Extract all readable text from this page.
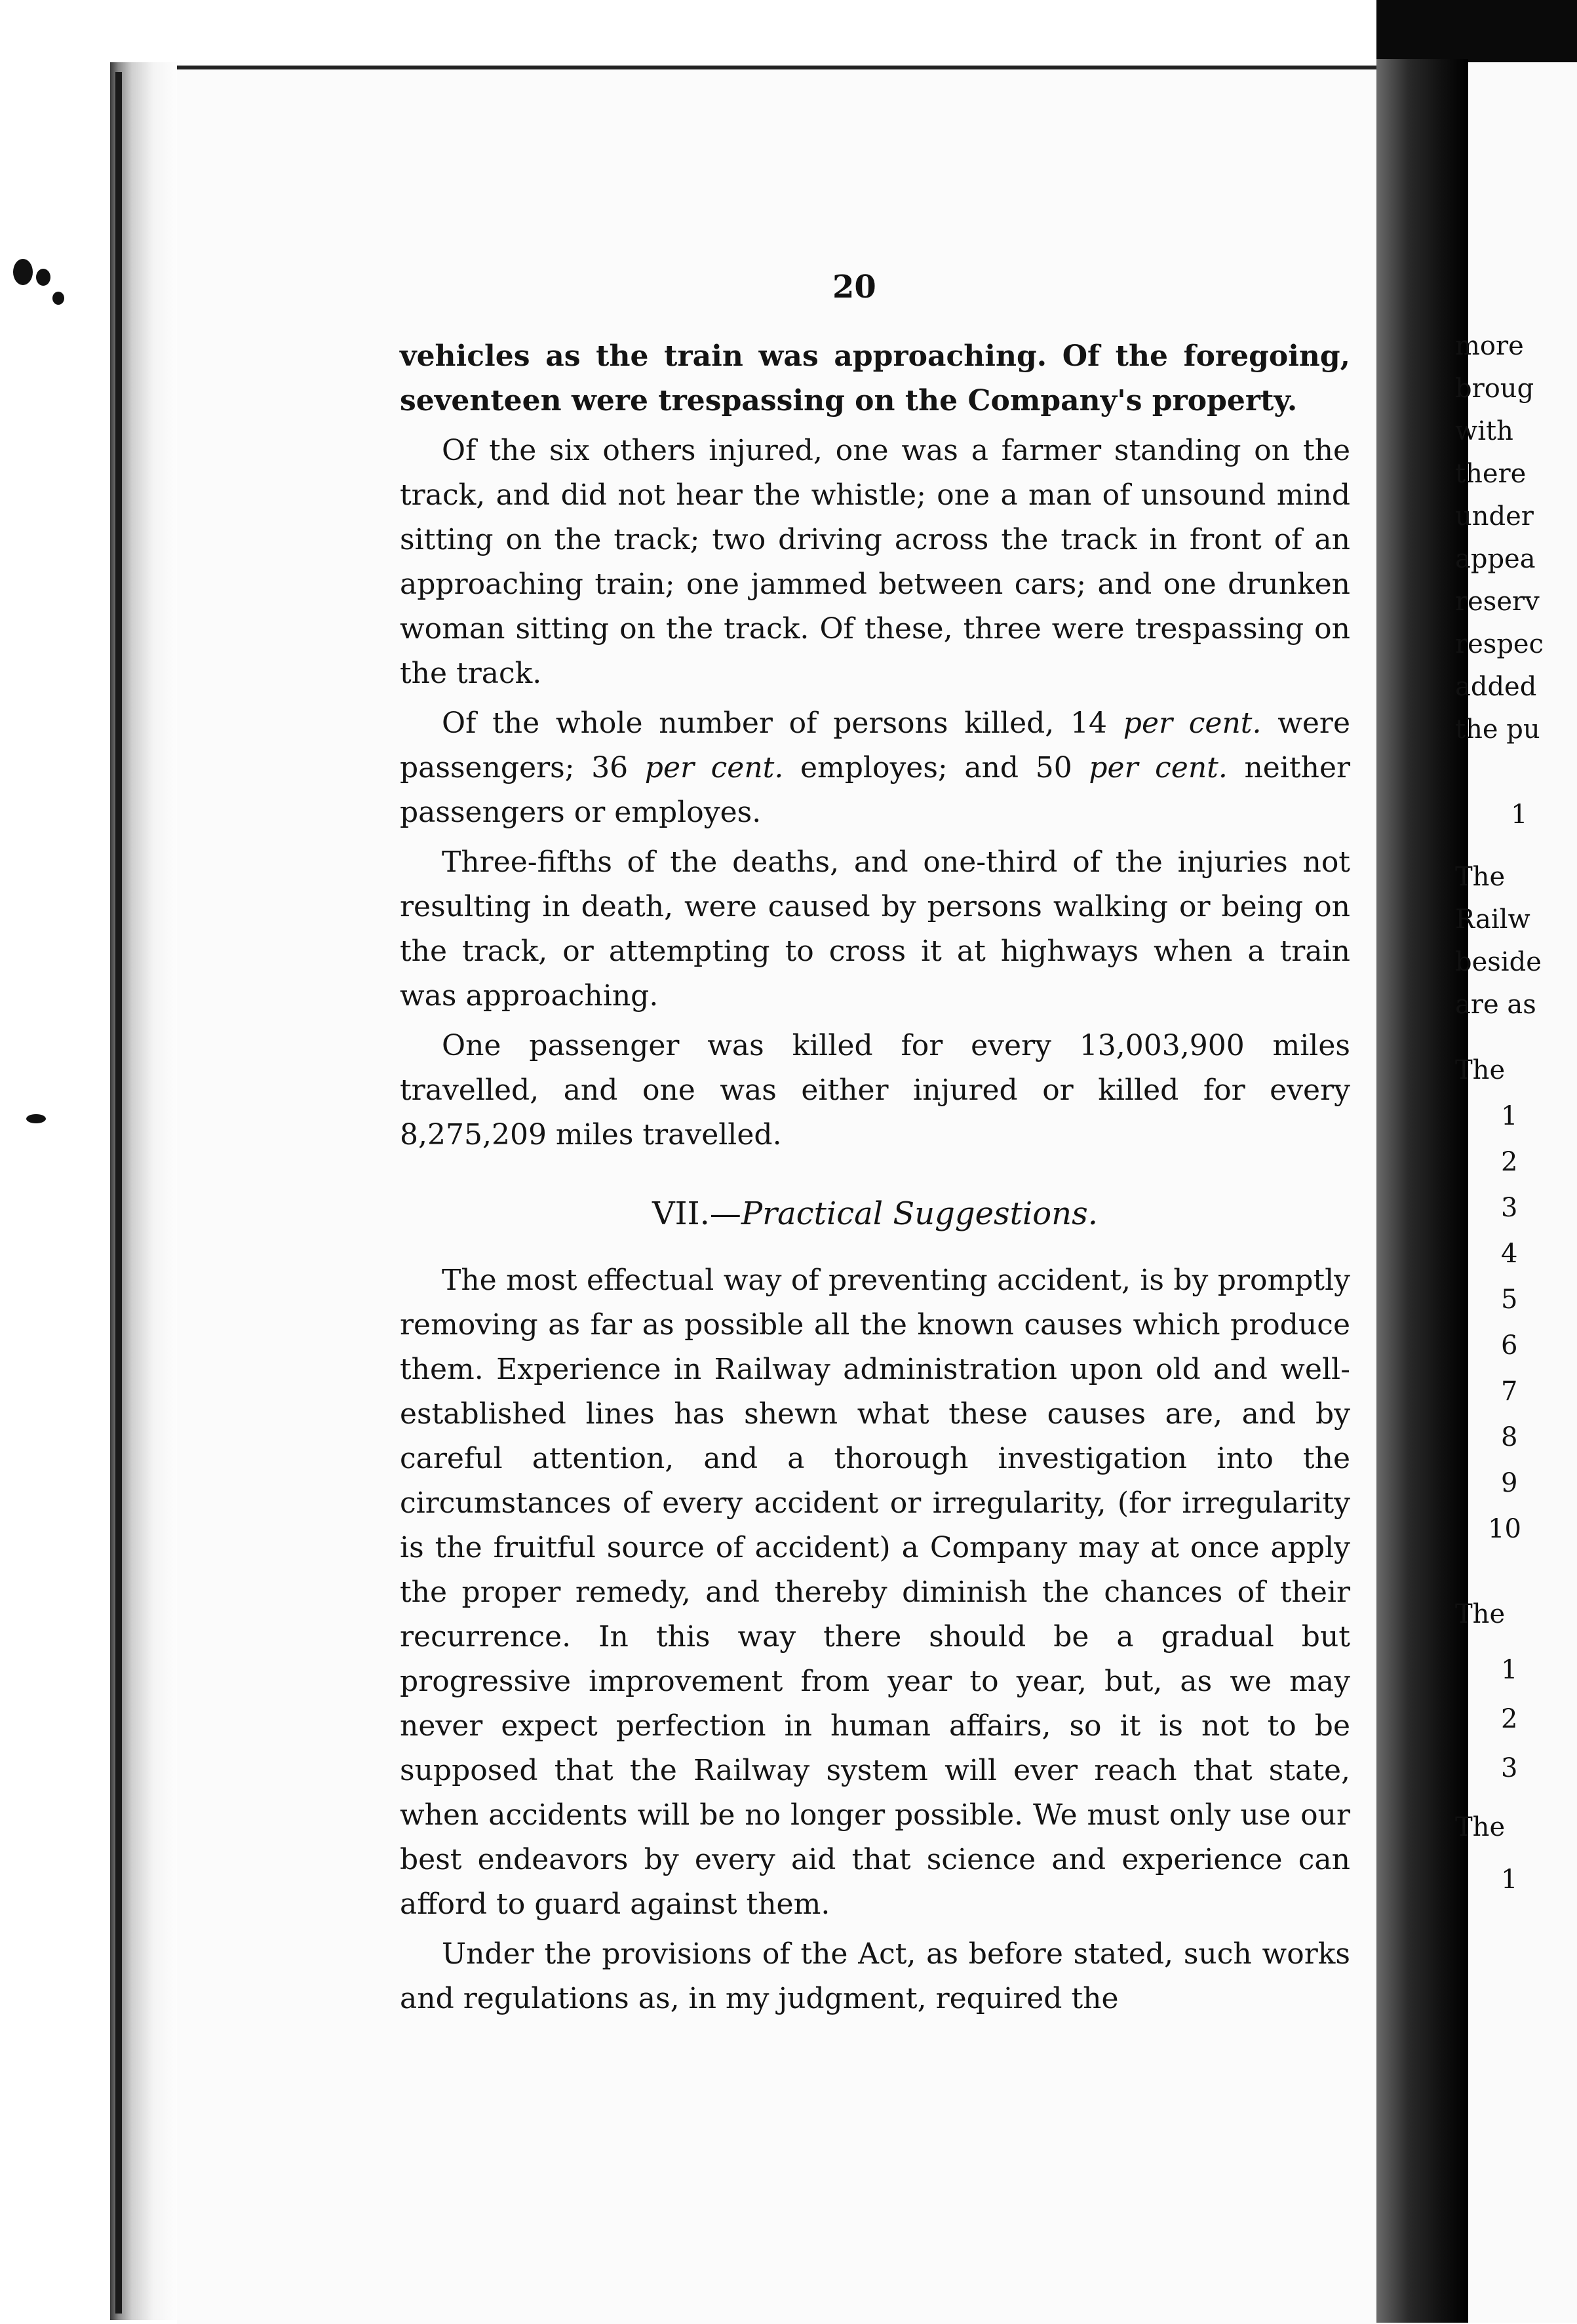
more
broug
with
there
under
appea
reserv
respec
added
the pu
1
The
Railw
beside
are as
The
1
2
3
4
5
6
7
8
9
10
The
1
2
3
The
1
20

vehicles as the train was approaching. Of the foregoing, seventeen were trespassing on the Company's property.

Of the six others injured, one was a farmer standing on the track, and did not hear the whistle; one a man of unsound mind sitting on the track; two driving across the track in front of an approaching train; one jammed between cars; and one drunken woman sitting on the track. Of these, three were trespassing on the track.

Of the whole number of persons killed, 14 per cent. were passengers; 36 per cent. employes; and 50 per cent. neither passengers or employes.

Three-fifths of the deaths, and one-third of the injuries not resulting in death, were caused by persons walking or being on the track, or attempting to cross it at highways when a train was approaching.

One passenger was killed for every 13,003,900 miles travelled, and one was either injured or killed for every 8,275,209 miles travelled.

VII.—Practical Suggestions.

The most effectual way of preventing accident, is by promptly removing as far as possible all the known causes which produce them. Experience in Railway administration upon old and well-established lines has shewn what these causes are, and by careful attention, and a thorough investigation into the circumstances of every accident or irregularity, (for irregularity is the fruitful source of accident) a Company may at once apply the proper remedy, and thereby diminish the chances of their recurrence. In this way there should be a gradual but progressive improvement from year to year, but, as we may never expect perfection in human affairs, so it is not to be supposed that the Railway system will ever reach that state, when accidents will be no longer possible. We must only use our best endeavors by every aid that science and experience can afford to guard against them.

Under the provisions of the Act, as before stated, such works and regulations as, in my judgment, required the
